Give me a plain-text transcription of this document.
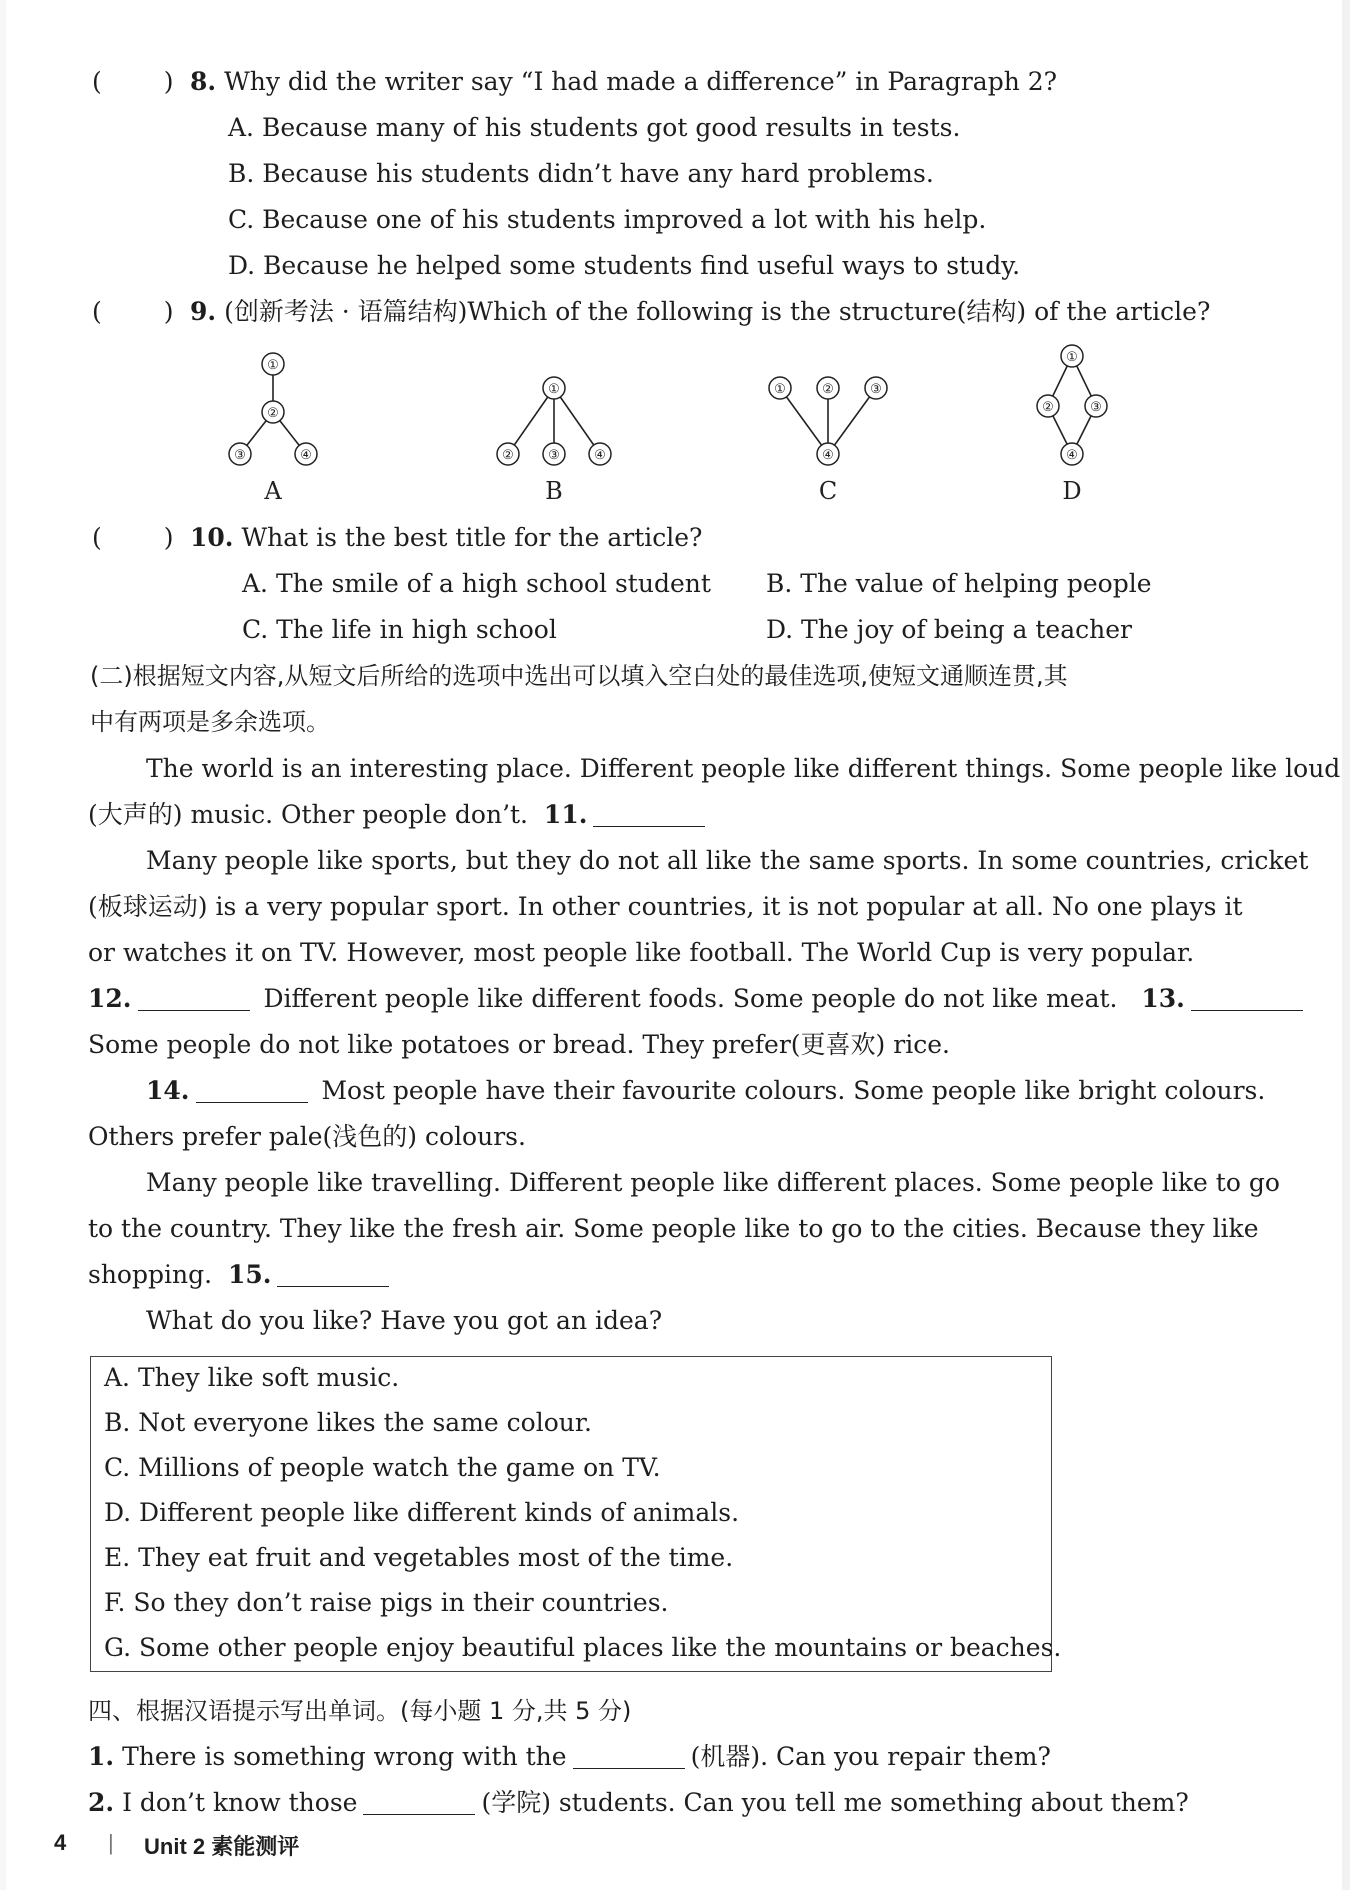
( ) 8. Why did the writer say “I had made a difference” in Paragraph 2?
A. Because many of his students got good results in tests.
B. Because his students didn’t have any hard problems.
C. Because one of his students improved a lot with his help.
D. Because he helped some students find useful ways to study.
( ) 9. (创新考法 · 语篇结构)Which of the following is the structure(结构) of the article?
①
②
③	④
①
②	③	④
①	②	③
④
①
②	③
④
A	B	C	D
( ) 10. What is the best title for the article?
A. The smile of a high school student B. The value of helping people
C. The life in high school	D. The joy of being a teacher
(二)根据短文内容,从短文后所给的选项中选出可以填入空白处的最佳选项,使短文通顺连贯,其
中有两项是多余选项。
The world is an interesting place. Different people like different things. Some people like loud
(大声的) music. Other people don’t. 11.
Many people like sports, but they do not all like the same sports. In some countries, cricket
(板球运动) is a very popular sport. In other countries, it is not popular at all. No one plays it
or watches it on TV. However, most people like football. The World Cup is very popular.
12.	Different people like different foods. Some people do not like meat. 13.
Some people do not like potatoes or bread. They prefer(更喜欢) rice.
14.	Most people have their favourite colours. Some people like bright colours.
Others prefer pale(浅色的) colours.
Many people like travelling. Different people like different places. Some people like to go
to the country. They like the fresh air. Some people like to go to the cities. Because they like
shopping. 15.
What do you like? Have you got an idea?
A. They like soft music.
B. Not everyone likes the same colour.
C. Millions of people watch the game on TV.
D. Different people like different kinds of animals.
E. They eat fruit and vegetables most of the time.
F. So they don’t raise pigs in their countries.
G. Some other people enjoy beautiful places like the mountains or beaches.
四、根据汉语提示写出单词。(每小题 1 分,共 5 分)
1. There is something wrong with the	(机器). Can you repair them?
2. I don’t know those	(学院) students. Can you tell me something about them?
4 | Unit 2 素能测评
